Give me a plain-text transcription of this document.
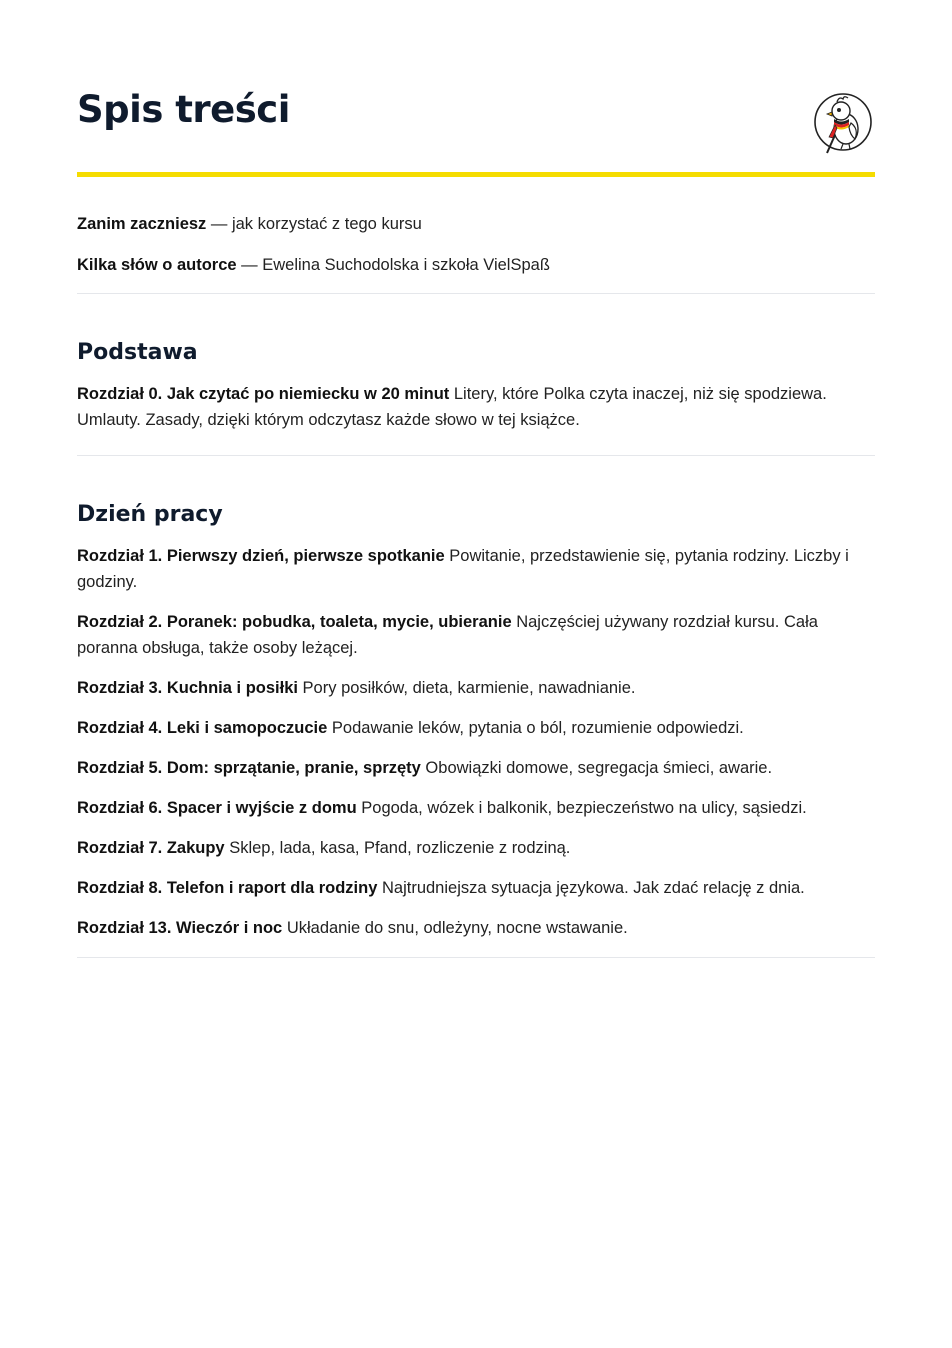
Spis treści

Zanim zaczniesz — jak korzystać z tego kursu

Kilka słów o autorce — Ewelina Suchodolska i szkoła VielSpaß

Podstawa

Rozdział 0. Jak czytać po niemiecku w 20 minut Litery, które Polka czyta inaczej, niż się spodziewa. Umlauty. Zasady, dzięki którym odczytasz każde słowo w tej książce.

Dzień pracy

Rozdział 1. Pierwszy dzień, pierwsze spotkanie Powitanie, przedstawienie się, pytania rodziny. Liczby i godziny.

Rozdział 2. Poranek: pobudka, toaleta, mycie, ubieranie Najczęściej używany rozdział kursu. Cała poranna obsługa, także osoby leżącej.

Rozdział 3. Kuchnia i posiłki Pory posiłków, dieta, karmienie, nawadnianie.

Rozdział 4. Leki i samopoczucie Podawanie leków, pytania o ból, rozumienie odpowiedzi.

Rozdział 5. Dom: sprzątanie, pranie, sprzęty Obowiązki domowe, segregacja śmieci, awarie.

Rozdział 6. Spacer i wyjście z domu Pogoda, wózek i balkonik, bezpieczeństwo na ulicy, sąsiedzi.

Rozdział 7. Zakupy Sklep, lada, kasa, Pfand, rozliczenie z rodziną.

Rozdział 8. Telefon i raport dla rodziny Najtrudniejsza sytuacja językowa. Jak zdać relację z dnia.

Rozdział 13. Wieczór i noc Układanie do snu, odleżyny, nocne wstawanie.
